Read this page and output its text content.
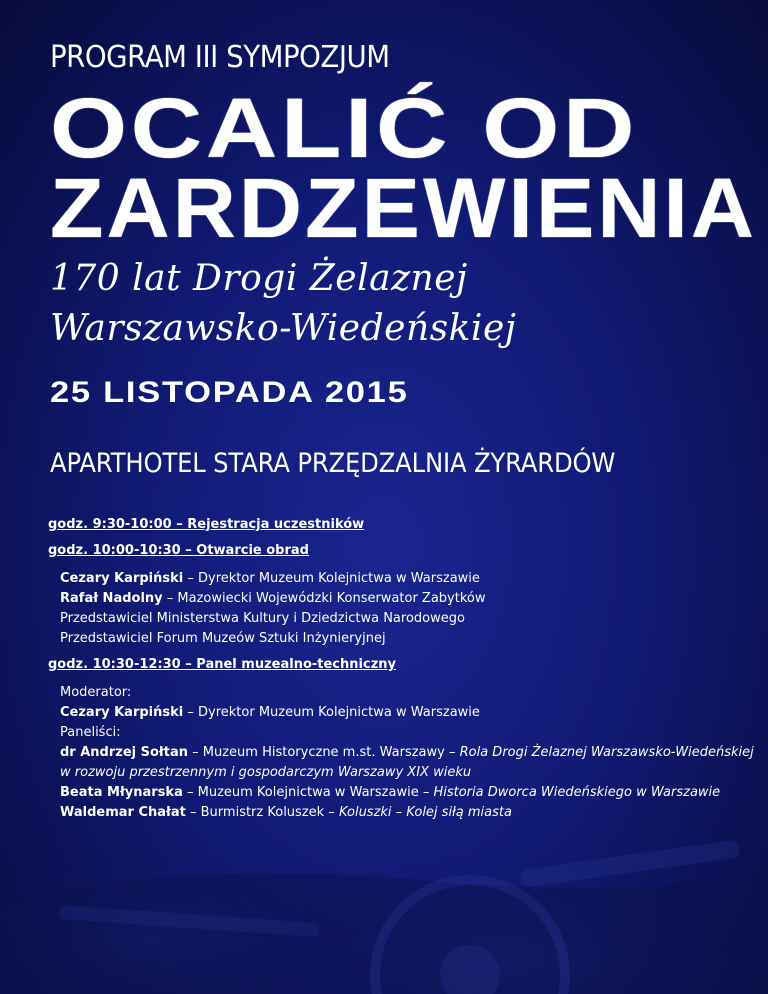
PROGRAM III SYMPOZJUM
OCALIĆ OD
ZARDZEWIENIA
170 lat Drogi Żelaznej
Warszawsko-Wiedeńskiej
25 LISTOPADA 2015
APARTHOTEL STARA PRZĘDZALNIA ŻYRARDÓW
godz. 9:30-10:00 – Rejestracja uczestników
godz. 10:00-10:30 – Otwarcie obrad
Cezary Karpiński – Dyrektor Muzeum Kolejnictwa w Warszawie
Rafał Nadolny – Mazowiecki Wojewódzki Konserwator Zabytków
Przedstawiciel Ministerstwa Kultury i Dziedzictwa Narodowego
Przedstawiciel Forum Muzeów Sztuki Inżynieryjnej
godz. 10:30-12:30 – Panel muzealno-techniczny
Moderator:
Cezary Karpiński – Dyrektor Muzeum Kolejnictwa w Warszawie
Paneliści:
dr Andrzej Sołtan – Muzeum Historyczne m.st. Warszawy – Rola Drogi Żelaznej Warszawsko-Wiedeńskiej
w rozwoju przestrzennym i gospodarczym Warszawy XIX wieku
Beata Młynarska – Muzeum Kolejnictwa w Warszawie – Historia Dworca Wiedeńskiego w Warszawie
Waldemar Chałat – Burmistrz Koluszek – Koluszki – Kolej siłą miasta
